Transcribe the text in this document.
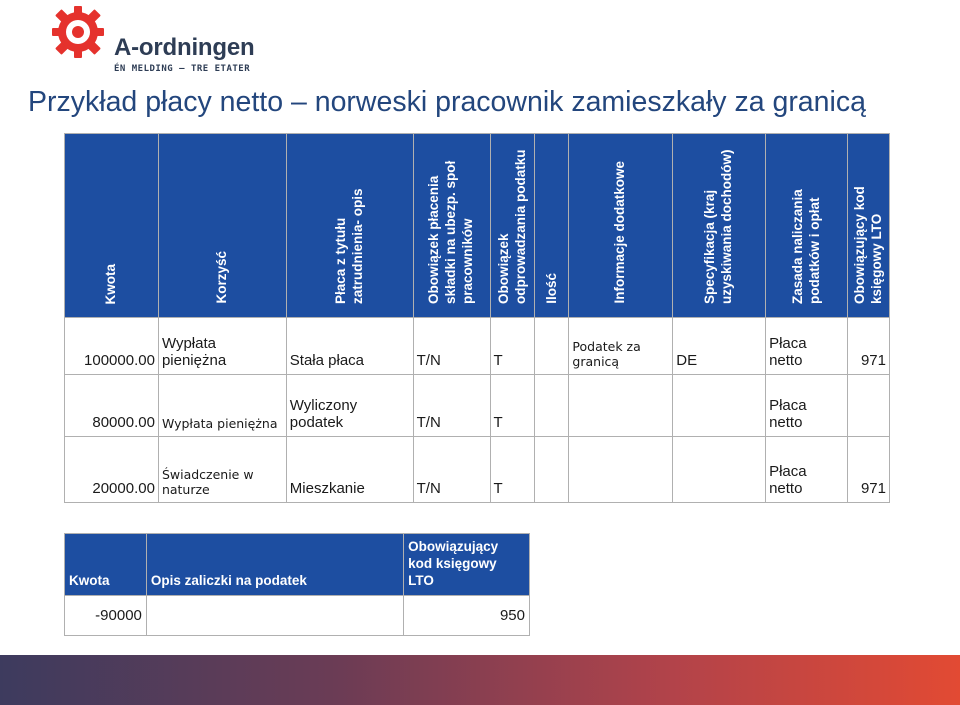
A-ordningen
ÉN MELDING – TRE ETATER
Przykład płacy netto – norweski pracownik zamieszkały za granicą
Kwota	Korzyść	Płaca z tytułu zatrudnienia- opis	Obowiązek płacenia składki na ubezp. społ pracowników	Obowiązek odprowadzania podatku	Ilość	Informacje dodatkowe	Specyfikacja (kraj uzyskiwania dochodów)	Zasada naliczania podatków i opłat	Obowiązujący kod księgowy LTO
100000.00	Wypłata pieniężna	Stała płaca	T/N	T		Podatek za granicą	DE	Płaca netto	971
80000.00	Wypłata pieniężna	Wyliczony podatek	T/N	T				Płaca netto	
20000.00	Świadczenie w naturze	Mieszkanie	T/N	T				Płaca netto	971
Kwota	Opis zaliczki na podatek	Obowiązujący kod księgowy LTO
-90000		950
